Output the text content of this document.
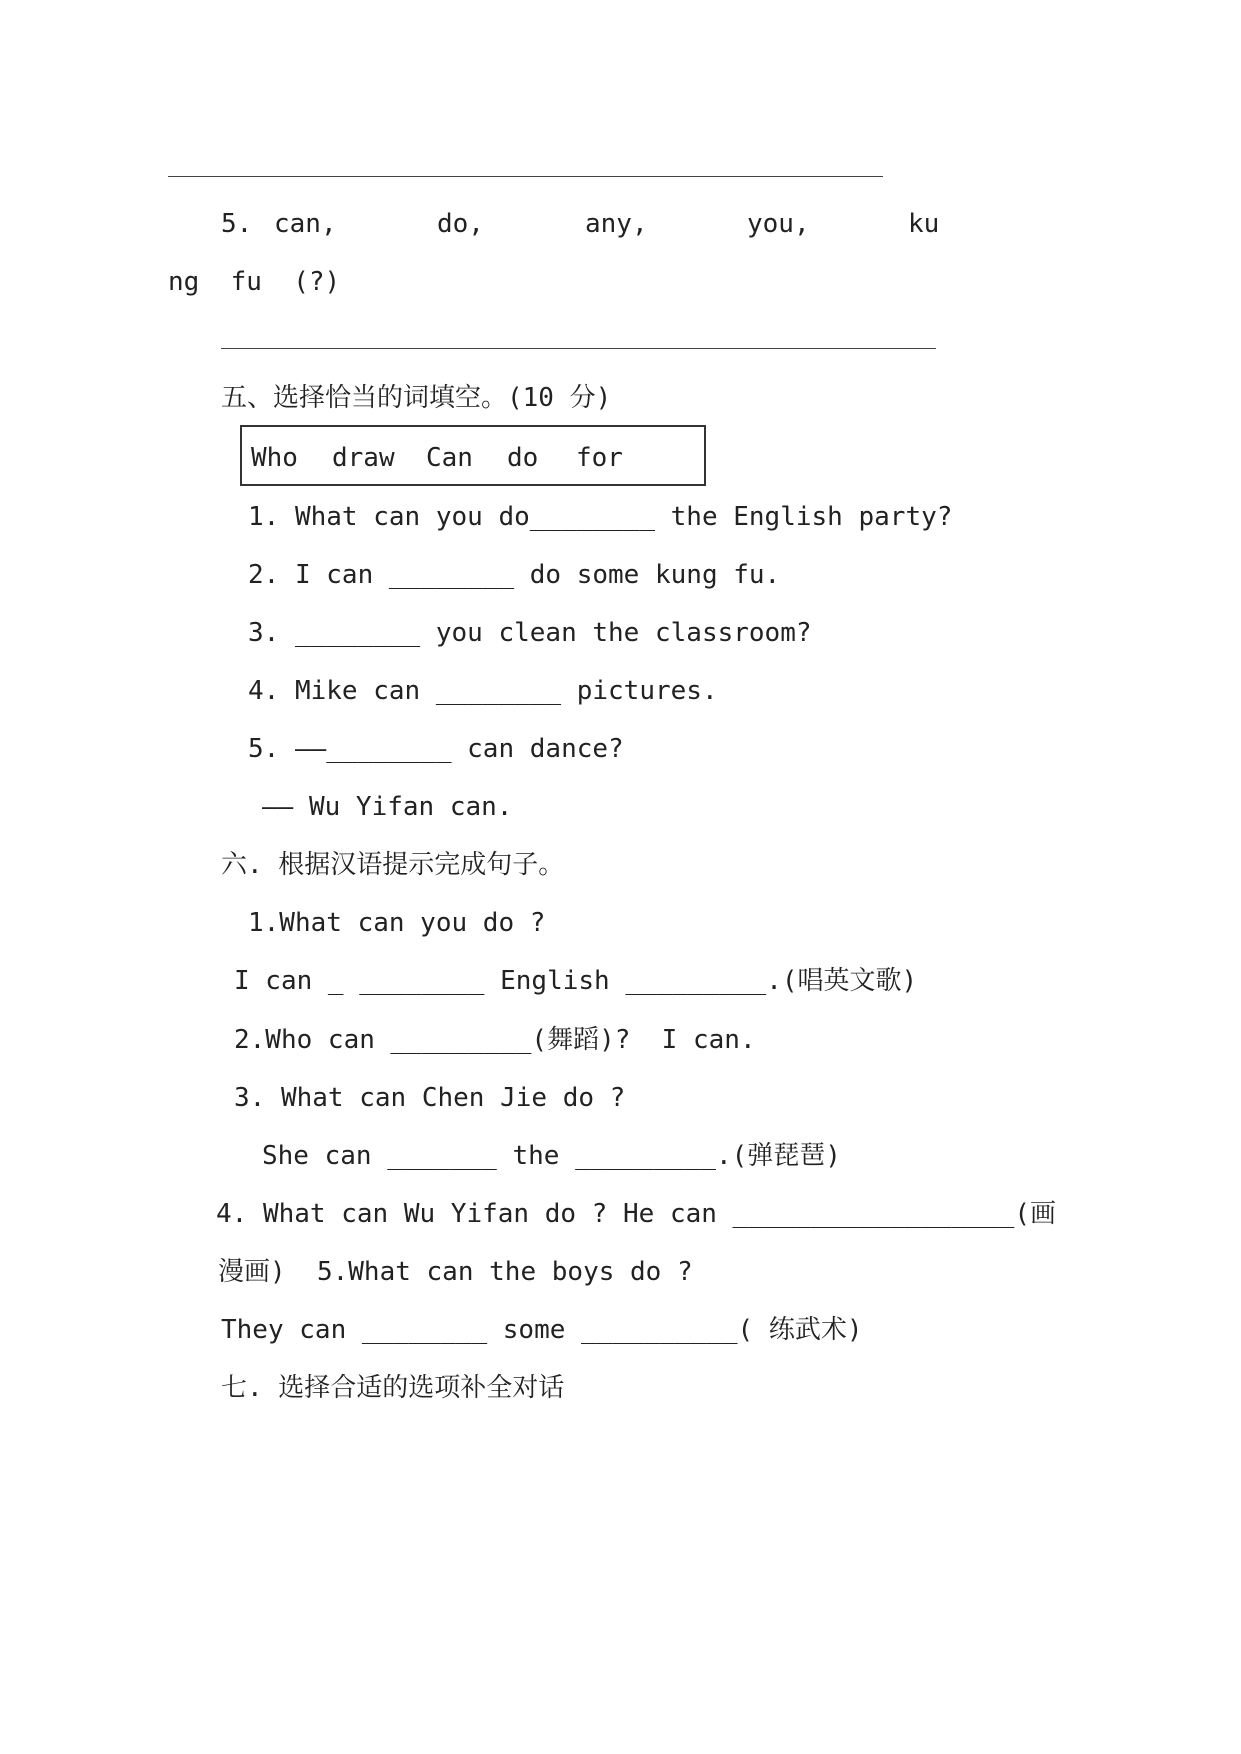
5. can,	do,	any,	you,	ku
ng  fu  (?)
五、选择恰当的词填空。(10 分)
Who draw Can do for
1. What can you do________ the English party?
2. I can ________ do some kung fu.
3. ________ you clean the classroom?
4. Mike can ________ pictures.
5. ——________ can dance?
—— Wu Yifan can.
六. 根据汉语提示完成句子。
1.What can you do ?
I can _ ________ English _________.(唱英文歌)
2.Who can _________(舞蹈)?  I can.
3. What can Chen Jie do ?
She can _______ the _________.(弹琵琶)
4. What can Wu Yifan do ? He can __________________(画
漫画)  5.What can the boys do ?
They can ________ some __________( 练武术)
七. 选择合适的选项补全对话
